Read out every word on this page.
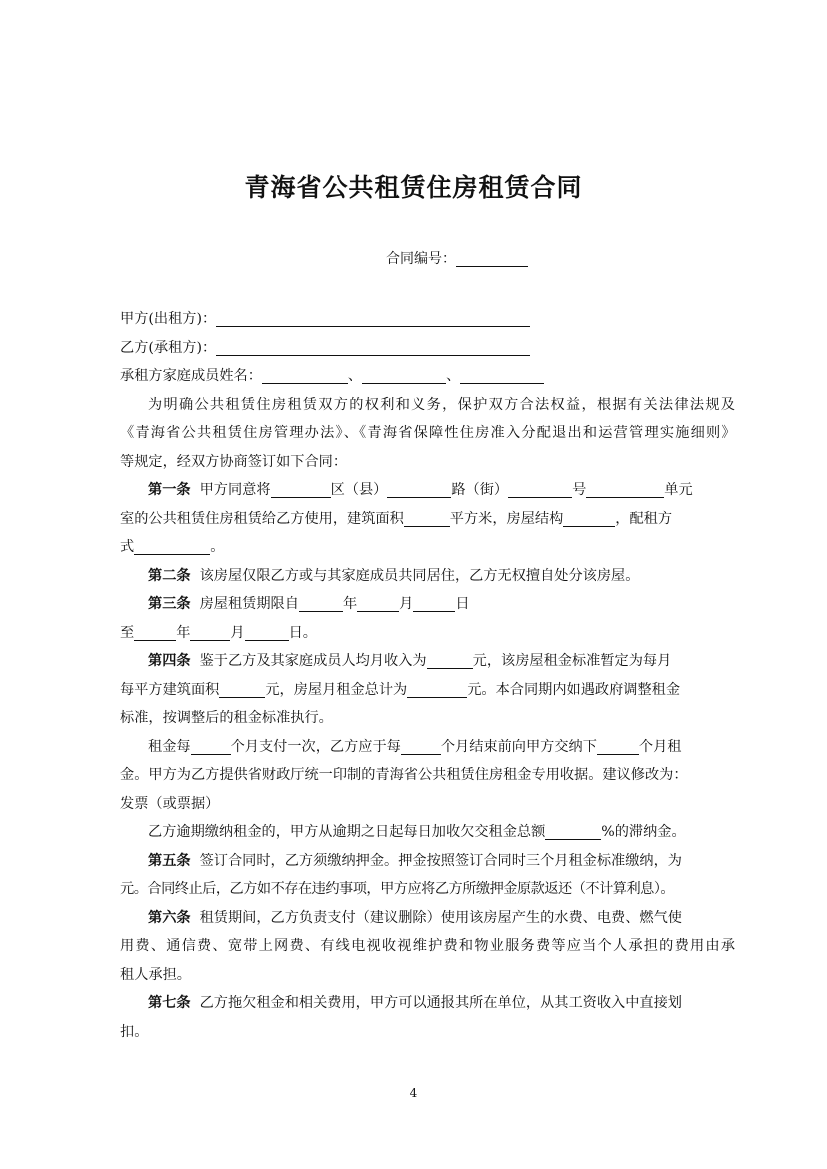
青海省公共租赁住房租赁合同
合同编号：
甲方(出租方)：
乙方(承租方)：
承租方家庭成员姓名：	、	、
为明确公共租赁住房租赁双方的权利和义务，保护双方合法权益，根据有关法律法规及
《青海省公共租赁住房管理办法》、《青海省保障性住房准入分配退出和运营管理实施细则》
等规定，经双方协商签订如下合同：
第一条 甲方同意将	区（县）	路（街）	号	单元
室的公共租赁住房租赁给乙方使用，建筑面积	平方米，房屋结构	，配租方
式	。
第二条 该房屋仅限乙方或与其家庭成员共同居住，乙方无权擅自处分该房屋。
第三条 房屋租赁期限自	年	月	日
至	年	月	日。
第四条 鉴于乙方及其家庭成员人均月收入为	元，该房屋租金标准暂定为每月
每平方建筑面积	元，房屋月租金总计为	元。本合同期内如遇政府调整租金
标准，按调整后的租金标准执行。
租金每	个月支付一次，乙方应于每	个月结束前向甲方交纳下	个月租
金。甲方为乙方提供省财政厅统一印制的青海省公共租赁住房租金专用收据。建议修改为：
发票（或票据）
乙方逾期缴纳租金的，甲方从逾期之日起每日加收欠交租金总额	%的滞纳金。
第五条 签订合同时，乙方须缴纳押金。押金按照签订合同时三个月租金标准缴纳，为
元。合同终止后，乙方如不存在违约事项，甲方应将乙方所缴押金原款返还（不计算利息）。
第六条 租赁期间，乙方负责支付（建议删除）使用该房屋产生的水费、电费、燃气使
用费、通信费、宽带上网费、有线电视收视维护费和物业服务费等应当个人承担的费用由承
租人承担。
第七条 乙方拖欠租金和相关费用，甲方可以通报其所在单位，从其工资收入中直接划
扣。
4
